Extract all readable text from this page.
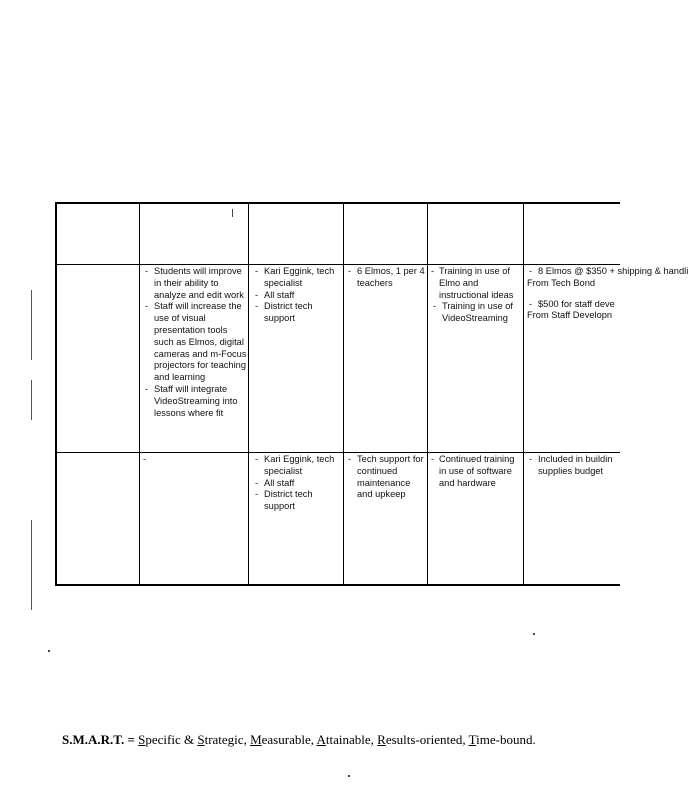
- Students will improve in their ability to analyze and edit work
- Staff will increase the use of visual presentation tools such as Elmos, digital cameras and m-Focus projectors for teaching and learning
- Staff will integrate VideoStreaming into lessons where fit
- Kari Eggink, tech specialist
- All staff
- District tech support
- 6 Elmos, 1 per 4 teachers
- Training in use of Elmo and instructional ideas
- Training in use of VideoStreaming
- 8 Elmos @ $350 + shipping & handli

From Tech Bond

- $500 for staff deve

From Staff Developn

-

-	Kari Eggink, tech specialist
- All staff
- District tech support
- Tech support for continued maintenance and upkeep
- Continued training in use of software and hardware
- Included in buildin supplies budget
S.M.A.R.T. = Specific & Strategic, Measurable, Attainable, Results-oriented, Time-bound.
